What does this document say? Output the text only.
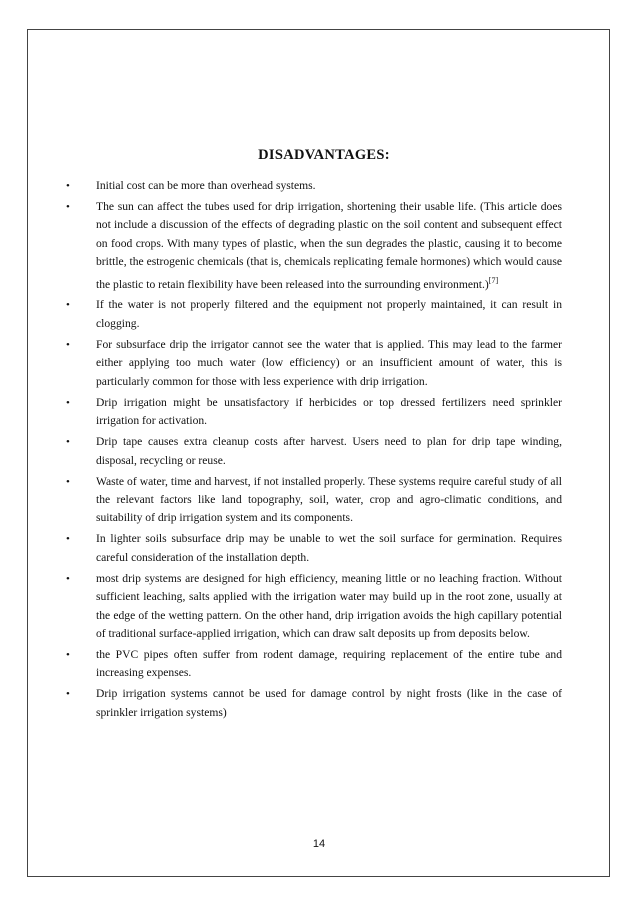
DISADVANTAGES:
•	Initial cost can be more than overhead systems.
•	The sun can affect the tubes used for drip irrigation, shortening their usable life. (This article does not include a discussion of the effects of degrading plastic on the soil content and subsequent effect on food crops. With many types of plastic, when the sun degrades the plastic, causing it to become brittle, the estrogenic chemicals (that is, chemicals replicating female hormones) which would cause the plastic to retain flexibility have been released into the surrounding environment.)[7]
•	If the water is not properly filtered and the equipment not properly maintained, it can result in clogging.
•	For subsurface drip the irrigator cannot see the water that is applied. This may lead to the farmer either applying too much water (low efficiency) or an insufficient amount of water, this is particularly common for those with less experience with drip irrigation.
•	Drip irrigation might be unsatisfactory if herbicides or top dressed fertilizers need sprinkler irrigation for activation.
•	Drip tape causes extra cleanup costs after harvest. Users need to plan for drip tape winding, disposal, recycling or reuse.
•	Waste of water, time and harvest, if not installed properly. These systems require careful study of all the relevant factors like land topography, soil, water, crop and agro-climatic conditions, and suitability of drip irrigation system and its components.
•	In lighter soils subsurface drip may be unable to wet the soil surface for germination. Requires careful consideration of the installation depth.
•	most drip systems are designed for high efficiency, meaning little or no leaching fraction. Without sufficient leaching, salts applied with the irrigation water may build up in the root zone, usually at the edge of the wetting pattern. On the other hand, drip irrigation avoids the high capillary potential of traditional surface-applied irrigation, which can draw salt deposits up from deposits below.
•	the PVC pipes often suffer from rodent damage, requiring replacement of the entire tube and increasing expenses.
•	Drip irrigation systems cannot be used for damage control by night frosts (like in the case of sprinkler irrigation systems)
14
